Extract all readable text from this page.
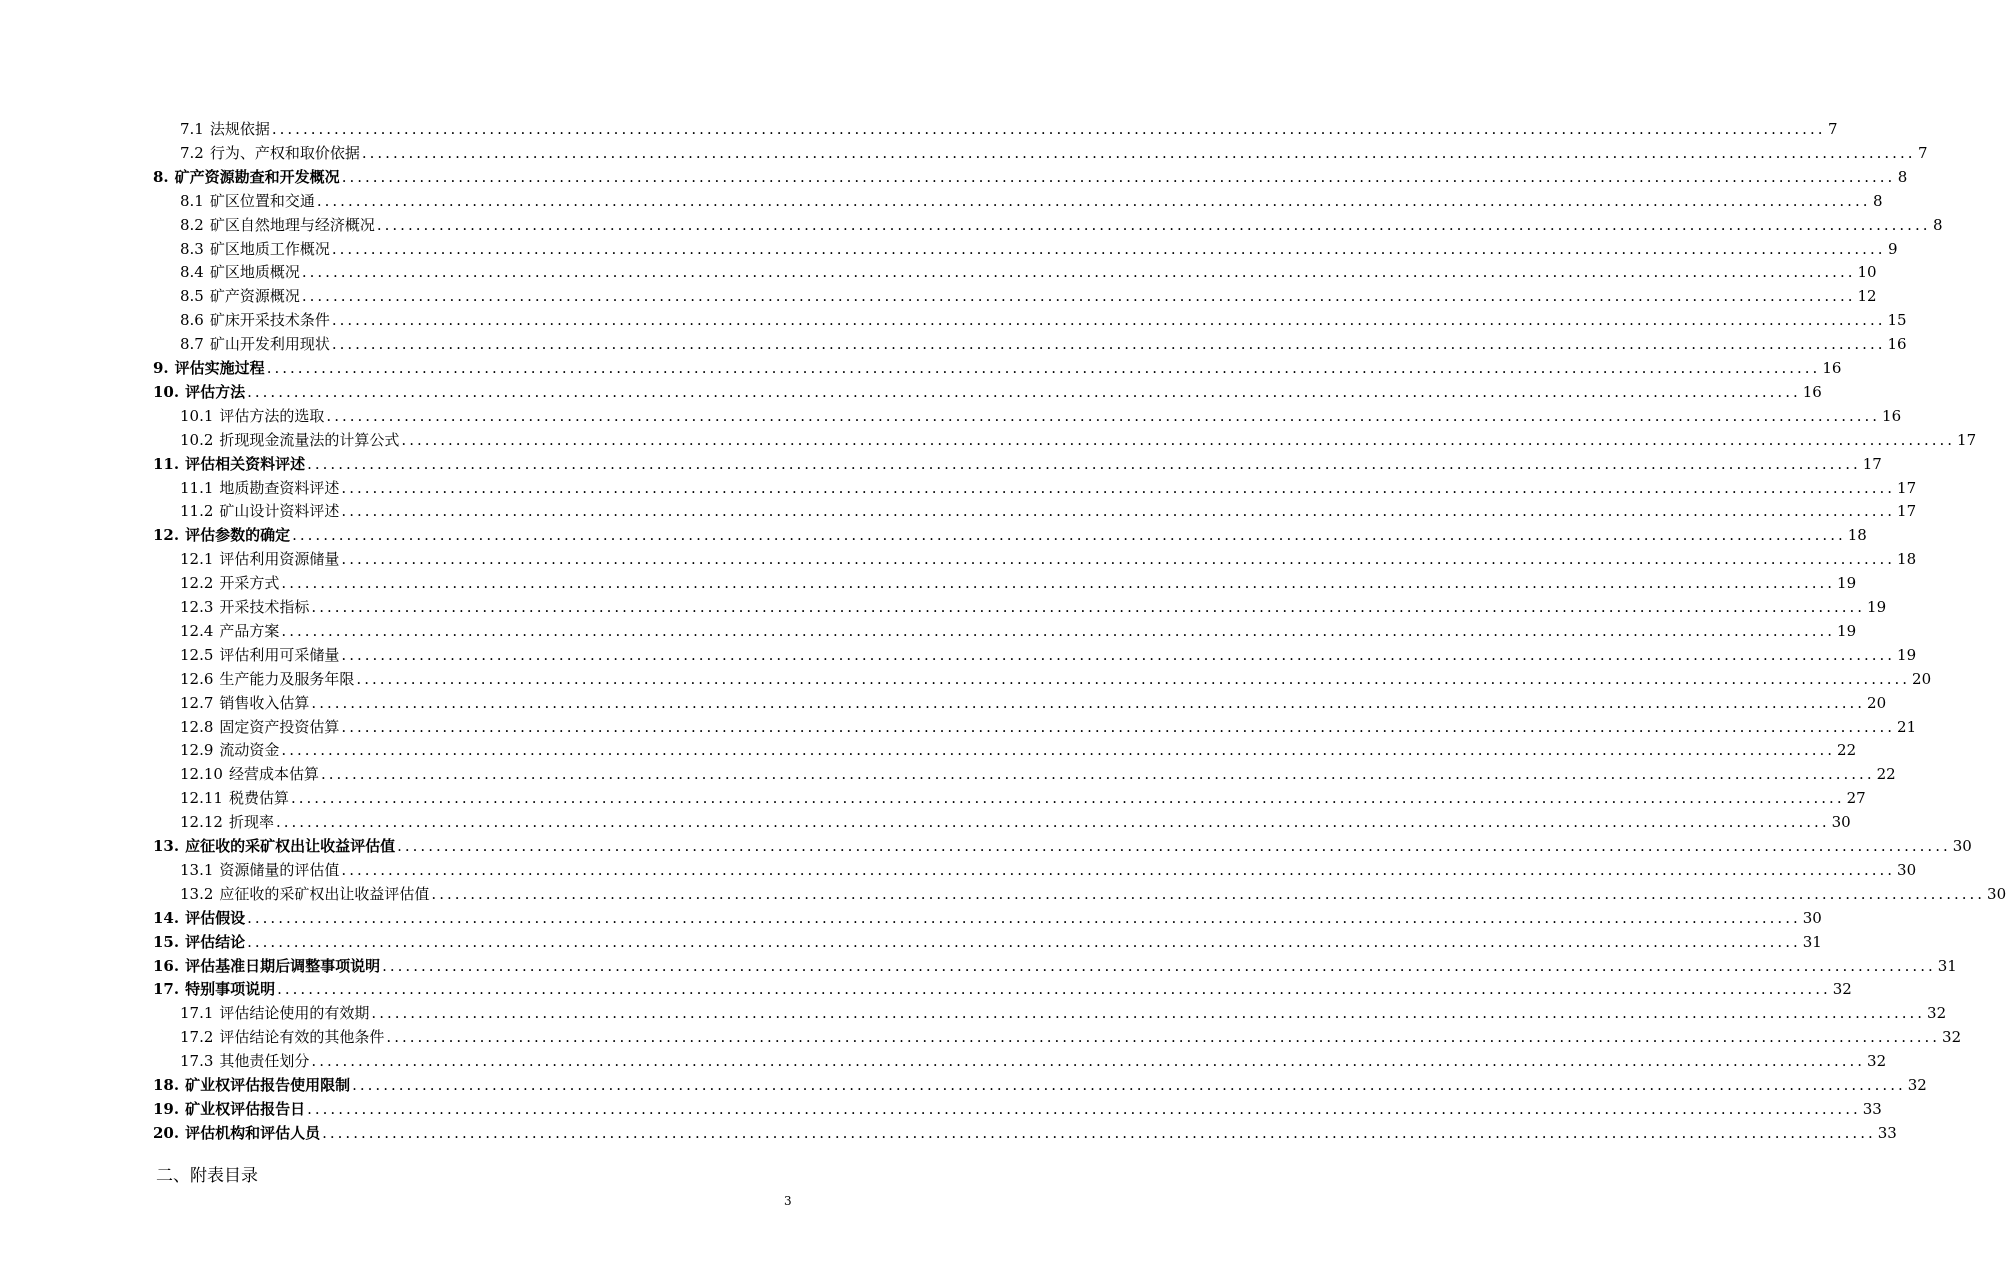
7.1 法规依据 ........................................................................................................................................................................................................ 7
7.2 行为、产权和取价依据 ........................................................................................................................................................................................................ 7
8. 矿产资源勘查和开发概况 ........................................................................................................................................................................................................ 8
8.1 矿区位置和交通 ........................................................................................................................................................................................................ 8
8.2 矿区自然地理与经济概况 ........................................................................................................................................................................................................ 8
8.3 矿区地质工作概况 ........................................................................................................................................................................................................ 9
8.4 矿区地质概况 ........................................................................................................................................................................................................ 10
8.5 矿产资源概况 ........................................................................................................................................................................................................ 12
8.6 矿床开采技术条件 ........................................................................................................................................................................................................ 15
8.7 矿山开发利用现状 ........................................................................................................................................................................................................ 16
9. 评估实施过程 ........................................................................................................................................................................................................ 16
10. 评估方法 ........................................................................................................................................................................................................ 16
10.1 评估方法的选取 ........................................................................................................................................................................................................ 16
10.2 折现现金流量法的计算公式 ........................................................................................................................................................................................................ 17
11. 评估相关资料评述 ........................................................................................................................................................................................................ 17
11.1 地质勘查资料评述 ........................................................................................................................................................................................................ 17
11.2 矿山设计资料评述 ........................................................................................................................................................................................................ 17
12. 评估参数的确定 ........................................................................................................................................................................................................ 18
12.1 评估利用资源储量 ........................................................................................................................................................................................................ 18
12.2 开采方式 ........................................................................................................................................................................................................ 19
12.3 开采技术指标 ........................................................................................................................................................................................................ 19
12.4 产品方案 ........................................................................................................................................................................................................ 19
12.5 评估利用可采储量 ........................................................................................................................................................................................................ 19
12.6 生产能力及服务年限 ........................................................................................................................................................................................................ 20
12.7 销售收入估算 ........................................................................................................................................................................................................ 20
12.8 固定资产投资估算 ........................................................................................................................................................................................................ 21
12.9 流动资金 ........................................................................................................................................................................................................ 22
12.10 经营成本估算 ........................................................................................................................................................................................................ 22
12.11 税费估算 ........................................................................................................................................................................................................ 27
12.12 折现率 ........................................................................................................................................................................................................ 30
13. 应征收的采矿权出让收益评估值 ........................................................................................................................................................................................................ 30
13.1 资源储量的评估值 ........................................................................................................................................................................................................ 30
13.2 应征收的采矿权出让收益评估值 ........................................................................................................................................................................................................ 30
14. 评估假设 ........................................................................................................................................................................................................ 30
15. 评估结论 ........................................................................................................................................................................................................ 31
16. 评估基准日期后调整事项说明 ........................................................................................................................................................................................................ 31
17. 特别事项说明 ........................................................................................................................................................................................................ 32
17.1 评估结论使用的有效期 ........................................................................................................................................................................................................ 32
17.2 评估结论有效的其他条件 ........................................................................................................................................................................................................ 32
17.3 其他责任划分 ........................................................................................................................................................................................................ 32
18. 矿业权评估报告使用限制 ........................................................................................................................................................................................................ 32
19. 矿业权评估报告日 ........................................................................................................................................................................................................ 33
20. 评估机构和评估人员 ........................................................................................................................................................................................................ 33
二、附表目录
3
